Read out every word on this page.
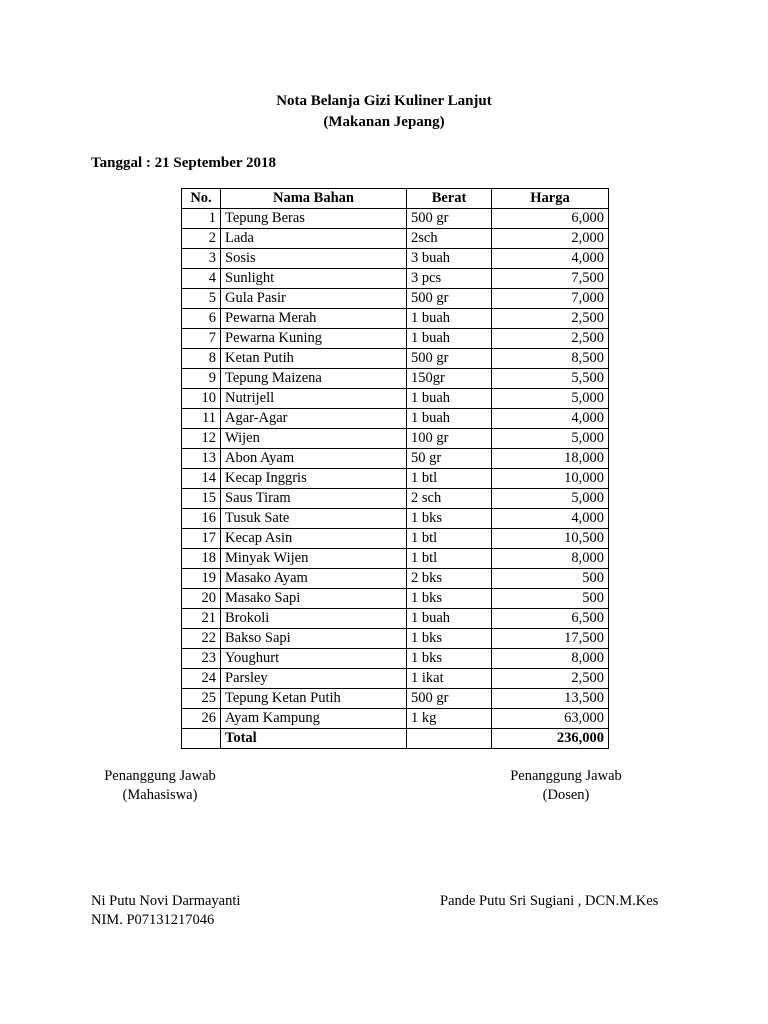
Nota Belanja Gizi Kuliner Lanjut
(Makanan Jepang)
Tanggal : 21 September 2018
No.	Nama Bahan	Berat	Harga
1	Tepung Beras	500 gr	6,000
2	Lada	2sch	2,000
3	Sosis	3 buah	4,000
4	Sunlight	3 pcs	7,500
5	Gula Pasir	500 gr	7,000
6	Pewarna Merah	1 buah	2,500
7	Pewarna Kuning	1 buah	2,500
8	Ketan Putih	500 gr	8,500
9	Tepung Maizena	150gr	5,500
10	Nutrijell	1 buah	5,000
11	Agar-Agar	1 buah	4,000
12	Wijen	100 gr	5,000
13	Abon Ayam	50 gr	18,000
14	Kecap Inggris	1 btl	10,000
15	Saus Tiram	2 sch	5,000
16	Tusuk Sate	1 bks	4,000
17	Kecap Asin	1 btl	10,500
18	Minyak Wijen	1 btl	8,000
19	Masako Ayam	2 bks	500
20	Masako Sapi	1 bks	500
21	Brokoli	1 buah	6,500
22	Bakso Sapi	1 bks	17,500
23	Youghurt	1 bks	8,000
24	Parsley	1 ikat	2,500
25	Tepung Ketan Putih	500 gr	13,500
26	Ayam Kampung	1 kg	63,000
	Total		236,000
Penanggung Jawab
(Mahasiswa)
Penanggung Jawab
(Dosen)
Ni Putu Novi Darmayanti
NIM. P07131217046
Pande Putu Sri Sugiani , DCN.M.Kes
